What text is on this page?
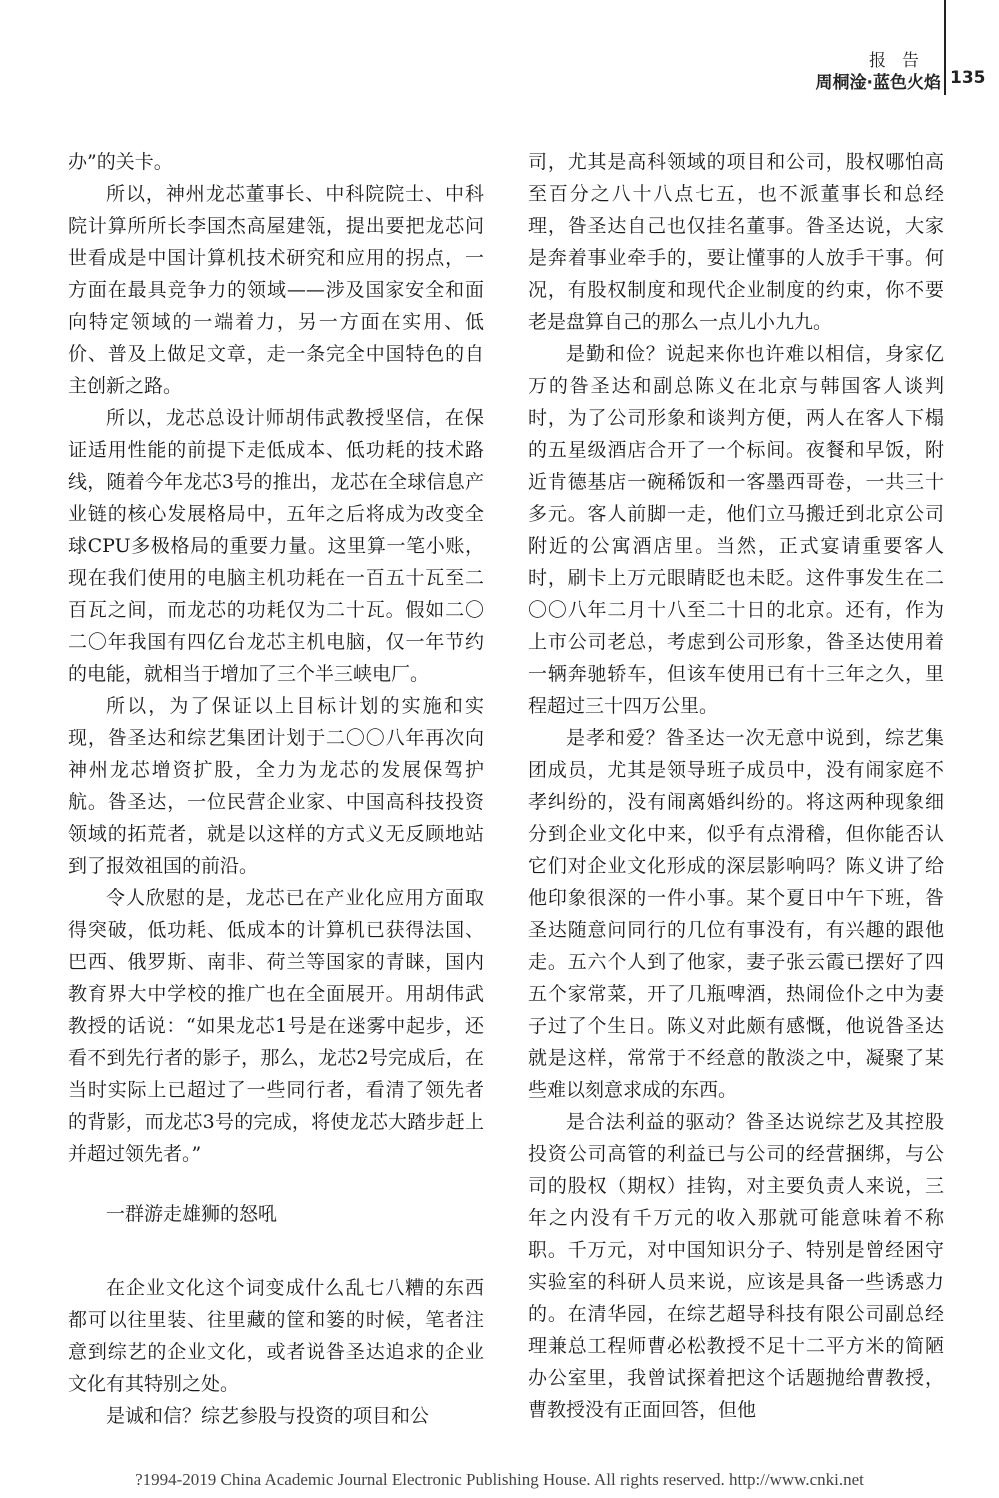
报告
周桐淦·蓝色火焰 135

办”的关卡。

所以，神州龙芯董事长、中科院院士、中科院计算所所长李国杰高屋建瓴，提出要把龙芯问世看成是中国计算机技术研究和应用的拐点，一方面在最具竞争力的领域——涉及国家安全和面向特定领域的一端着力，另一方面在实用、低价、普及上做足文章，走一条完全中国特色的自主创新之路。

所以，龙芯总设计师胡伟武教授坚信，在保证适用性能的前提下走低成本、低功耗的技术路线，随着今年龙芯3号的推出，龙芯在全球信息产业链的核心发展格局中，五年之后将成为改变全球CPU多极格局的重要力量。这里算一笔小账，现在我们使用的电脑主机功耗在一百五十瓦至二百瓦之间，而龙芯的功耗仅为二十瓦。假如二〇二〇年我国有四亿台龙芯主机电脑，仅一年节约的电能，就相当于增加了三个半三峡电厂。

所以，为了保证以上目标计划的实施和实现，昝圣达和综艺集团计划于二〇〇八年再次向神州龙芯增资扩股，全力为龙芯的发展保驾护航。昝圣达，一位民营企业家、中国高科技投资领域的拓荒者，就是以这样的方式义无反顾地站到了报效祖国的前沿。

令人欣慰的是，龙芯已在产业化应用方面取得突破，低功耗、低成本的计算机已获得法国、巴西、俄罗斯、南非、荷兰等国家的青睐，国内教育界大中学校的推广也在全面展开。用胡伟武教授的话说：“如果龙芯1号是在迷雾中起步，还看不到先行者的影子，那么，龙芯2号完成后，在当时实际上已超过了一些同行者，看清了领先者的背影，而龙芯3号的完成，将使龙芯大踏步赶上并超过领先者。”

一群游走雄狮的怒吼

在企业文化这个词变成什么乱七八糟的东西都可以往里装、往里藏的筐和篓的时候，笔者注意到综艺的企业文化，或者说昝圣达追求的企业文化有其特别之处。

是诚和信？综艺参股与投资的项目和公

司，尤其是高科领域的项目和公司，股权哪怕高至百分之八十八点七五，也不派董事长和总经理，昝圣达自己也仅挂名董事。昝圣达说，大家是奔着事业牵手的，要让懂事的人放手干事。何况，有股权制度和现代企业制度的约束，你不要老是盘算自己的那么一点儿小九九。

是勤和俭？说起来你也许难以相信，身家亿万的昝圣达和副总陈义在北京与韩国客人谈判时，为了公司形象和谈判方便，两人在客人下榻的五星级酒店合开了一个标间。夜餐和早饭，附近肯德基店一碗稀饭和一客墨西哥卷，一共三十多元。客人前脚一走，他们立马搬迁到北京公司附近的公寓酒店里。当然，正式宴请重要客人时，刷卡上万元眼睛眨也未眨。这件事发生在二〇〇八年二月十八至二十日的北京。还有，作为上市公司老总，考虑到公司形象，昝圣达使用着一辆奔驰轿车，但该车使用已有十三年之久，里程超过三十四万公里。

是孝和爱？昝圣达一次无意中说到，综艺集团成员，尤其是领导班子成员中，没有闹家庭不孝纠纷的，没有闹离婚纠纷的。将这两种现象细分到企业文化中来，似乎有点滑稽，但你能否认它们对企业文化形成的深层影响吗？陈义讲了给他印象很深的一件小事。某个夏日中午下班，昝圣达随意问同行的几位有事没有，有兴趣的跟他走。五六个人到了他家，妻子张云霞已摆好了四五个家常菜，开了几瓶啤酒，热闹俭仆之中为妻子过了个生日。陈义对此颇有感慨，他说昝圣达就是这样，常常于不经意的散淡之中，凝聚了某些难以刻意求成的东西。

是合法利益的驱动？昝圣达说综艺及其控股投资公司高管的利益已与公司的经营捆绑，与公司的股权（期权）挂钩，对主要负责人来说，三年之内没有千万元的收入那就可能意味着不称职。千万元，对中国知识分子、特别是曾经困守实验室的科研人员来说，应该是具备一些诱惑力的。在清华园，在综艺超导科技有限公司副总经理兼总工程师曹必松教授不足十二平方米的简陋办公室里，我曾试探着把这个话题抛给曹教授，曹教授没有正面回答，但他

?1994-2019 China Academic Journal Electronic Publishing House. All rights reserved. http://www.cnki.net
